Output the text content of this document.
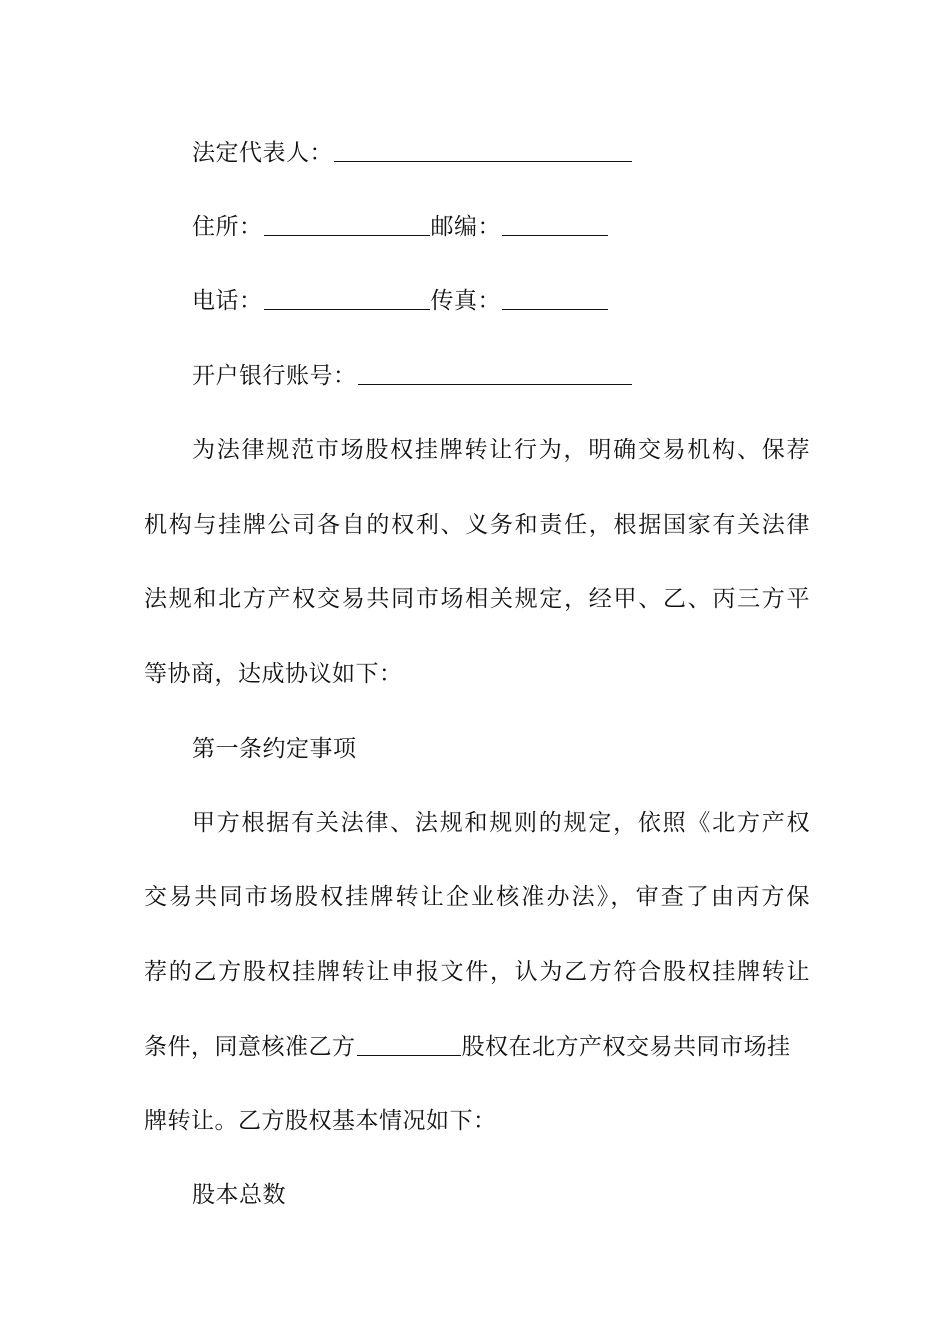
法定代表人：
住所：	邮编：
电话：	传真：
开户银行账号：
为法律规范市场股权挂牌转让行为，明确交易机构、保荐
机构与挂牌公司各自的权利、义务和责任，根据国家有关法律
法规和北方产权交易共同市场相关规定，经甲、乙、丙三方平
等协商，达成协议如下：
第一条约定事项
甲方根据有关法律、法规和规则的规定，依照《北方产权
交易共同市场股权挂牌转让企业核准办法》，审查了由丙方保
荐的乙方股权挂牌转让申报文件，认为乙方符合股权挂牌转让
条件，同意核准乙方	股权在北方产权交易共同市场挂
牌转让。乙方股权基本情况如下：
股本总数
